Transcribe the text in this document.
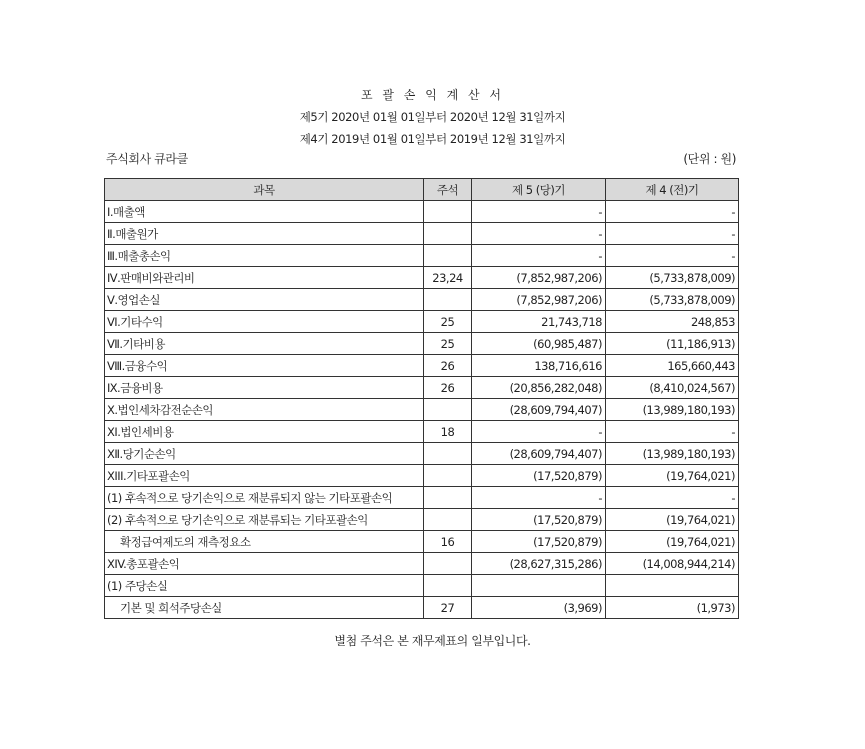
포 괄 손 익 계 산 서
제5기 2020년 01월 01일부터 2020년 12월 31일까지
제4기 2019년 01월 01일부터 2019년 12월 31일까지
주식회사 큐라클	(단위 : 원)
과목	주석	제 5 (당)기	제 4 (전)기
Ⅰ.매출액		-	-
Ⅱ.매출원가		-	-
Ⅲ.매출총손익		-	-
Ⅳ.판매비와관리비	23,24	(7,852,987,206)	(5,733,878,009)
Ⅴ.영업손실		(7,852,987,206)	(5,733,878,009)
Ⅵ.기타수익	25	21,743,718	248,853
Ⅶ.기타비용	25	(60,985,487)	(11,186,913)
Ⅷ.금융수익	26	138,716,616	165,660,443
Ⅸ.금융비용	26	(20,856,282,048)	(8,410,024,567)
Ⅹ.법인세차감전순손익		(28,609,794,407)	(13,989,180,193)
Ⅺ.법인세비용	18	-	-
Ⅻ.당기순손익		(28,609,794,407)	(13,989,180,193)
XIII.기타포괄손익		(17,520,879)	(19,764,021)
(1) 후속적으로 당기손익으로 재분류되지 않는 기타포괄손익		-	-
(2) 후속적으로 당기손익으로 재분류되는 기타포괄손익		(17,520,879)	(19,764,021)
확정급여제도의 재측정요소	16	(17,520,879)	(19,764,021)
XIV.총포괄손익		(28,627,315,286)	(14,008,944,214)
(1) 주당손실			
기본 및 희석주당손실	27	(3,969)	(1,973)
별첨 주석은 본 재무제표의 일부입니다.
